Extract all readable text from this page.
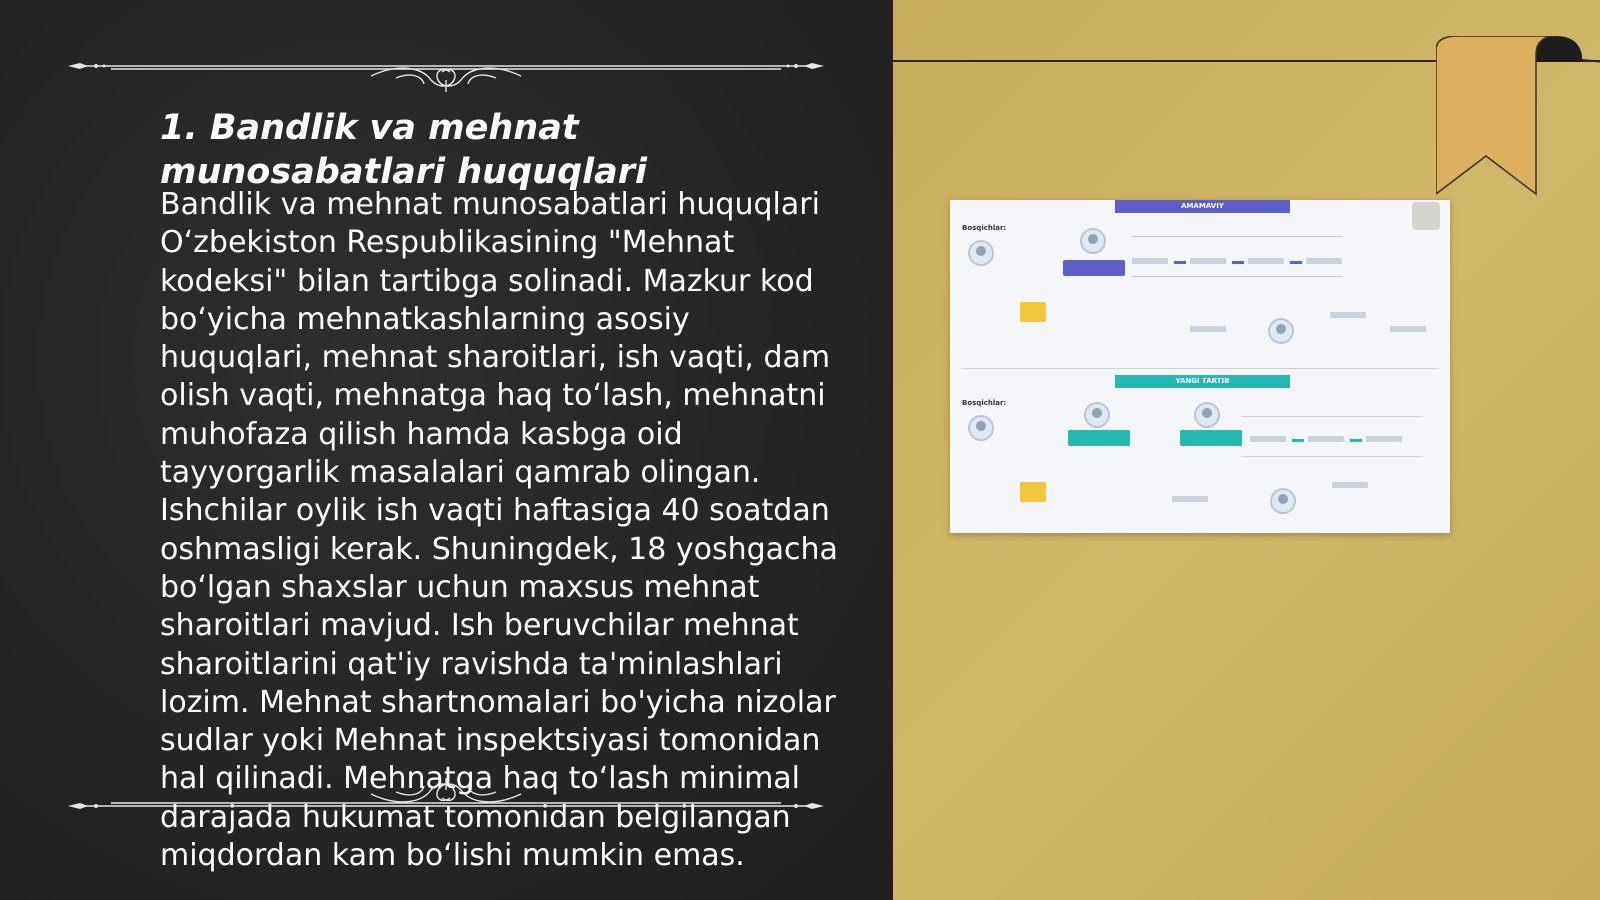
1. Bandlik va mehnat munosabatlari huquqlari

Bandlik va mehnat munosabatlari huquqlari O‘zbekiston Respublikasining "Mehnat kodeksi" bilan tartibga solinadi. Mazkur kod bo‘yicha mehnatkashlarning asosiy huquqlari, mehnat sharoitlari, ish vaqti, dam olish vaqti, mehnatga haq to‘lash, mehnatni muhofaza qilish hamda kasbga oid tayyorgarlik masalalari qamrab olingan. Ishchilar oylik ish vaqti haftasiga 40 soatdan oshmasligi kerak. Shuningdek, 18 yoshgacha bo‘lgan shaxslar uchun maxsus mehnat sharoitlari mavjud. Ish beruvchilar mehnat sharoitlarini qat'iy ravishda ta'minlashlari lozim. Mehnat shartnomalari bo'yicha nizolar sudlar yoki Mehnat inspektsiyasi tomonidan hal qilinadi. Mehnatga haq to‘lash minimal darajada hukumat tomonidan belgilangan miqdordan kam bo‘lishi mumkin emas.

AMAMAVIY
YANGI TARTIB
Bosqichlar:
Bosqichlar:
